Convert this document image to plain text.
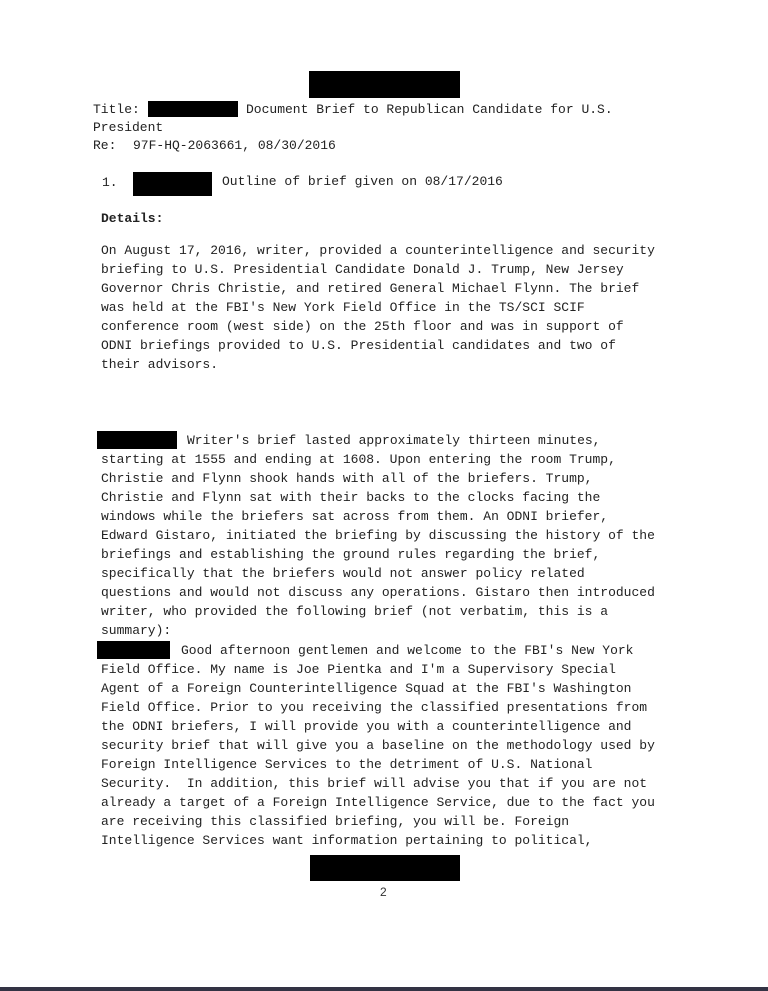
Title:	Document Brief to Republican Candidate for U.S.
President
Re: 97F-HQ-2063661, 08/30/2016
1.	Outline of brief given on 08/17/2016
Details:
On August 17, 2016, writer, provided a counterintelligence and security
briefing to U.S. Presidential Candidate Donald J. Trump, New Jersey
Governor Chris Christie, and retired General Michael Flynn. The brief
was held at the FBI's New York Field Office in the TS/SCI SCIF
conference room (west side) on the 25th floor and was in support of
ODNI briefings provided to U.S. Presidential candidates and two of
their advisors.
Writer's brief lasted approximately thirteen minutes,
starting at 1555 and ending at 1608. Upon entering the room Trump,
Christie and Flynn shook hands with all of the briefers. Trump,
Christie and Flynn sat with their backs to the clocks facing the
windows while the briefers sat across from them. An ODNI briefer,
Edward Gistaro, initiated the briefing by discussing the history of the
briefings and establishing the ground rules regarding the brief,
specifically that the briefers would not answer policy related
questions and would not discuss any operations. Gistaro then introduced
writer, who provided the following brief (not verbatim, this is a
summary):
Good afternoon gentlemen and welcome to the FBI's New York
Field Office. My name is Joe Pientka and I'm a Supervisory Special
Agent of a Foreign Counterintelligence Squad at the FBI's Washington
Field Office. Prior to you receiving the classified presentations from
the ODNI briefers, I will provide you with a counterintelligence and
security brief that will give you a baseline on the methodology used by
Foreign Intelligence Services to the detriment of U.S. National
Security.  In addition, this brief will advise you that if you are not
already a target of a Foreign Intelligence Service, due to the fact you
are receiving this classified briefing, you will be. Foreign
Intelligence Services want information pertaining to political,
2
